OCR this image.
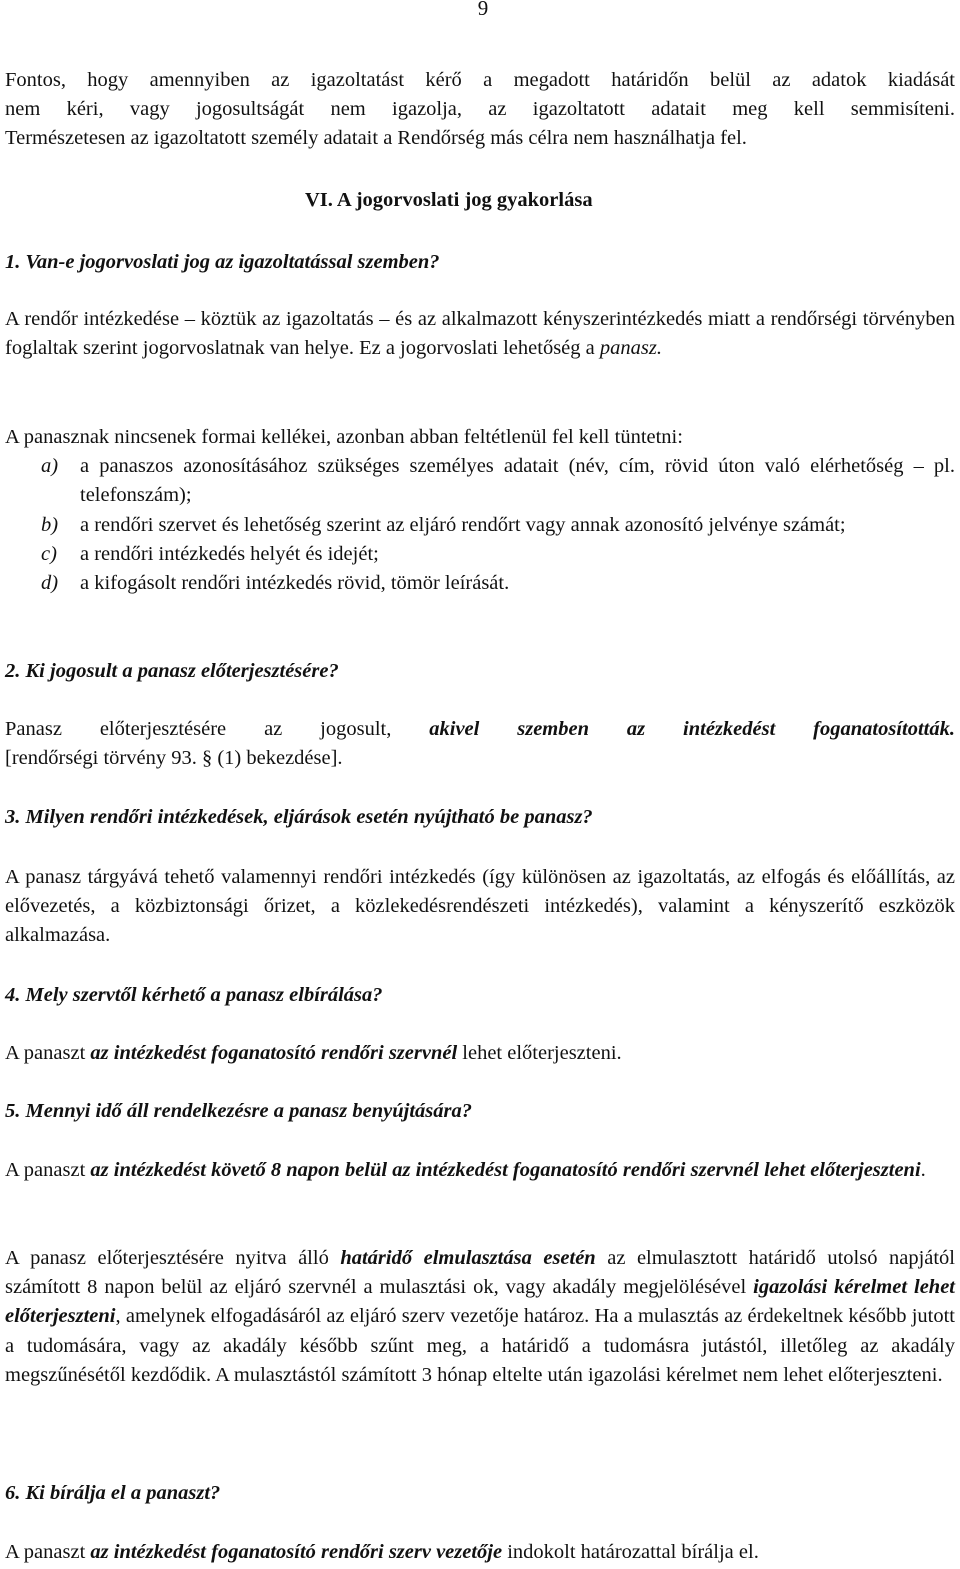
9
Fontos, hogy amennyiben az igazoltatást kérő a megadott határidőn belül az adatok kiadását
nem kéri, vagy jogosultságát nem igazolja, az igazoltatott adatait meg kell semmisíteni.
Természetesen az igazoltatott személy adatait a Rendőrség más célra nem használhatja fel.
VI. A jogorvoslati jog gyakorlása
1. Van-e jogorvoslati jog az igazoltatással szemben?
A rendőr intézkedése – köztük az igazoltatás – és az alkalmazott kényszerintézkedés miatt a rendőrségi törvényben foglaltak szerint jogorvoslatnak van helye. Ez a jogorvoslati lehetőség a panasz.
A panasznak nincsenek formai kellékei, azonban abban feltétlenül fel kell tüntetni:
a) a panaszos azonosításához szükséges személyes adatait (név, cím, rövid úton való elérhetőség – pl. telefonszám);
b) a rendőri szervet és lehetőség szerint az eljáró rendőrt vagy annak azonosító jelvénye számát;
c) a rendőri intézkedés helyét és idejét;
d) a kifogásolt rendőri intézkedés rövid, tömör leírását.
2. Ki jogosult a panasz előterjesztésére?
Panasz előterjesztésére az jogosult, akivel szemben az intézkedést foganatosították.
[rendőrségi törvény 93. § (1) bekezdése].
3. Milyen rendőri intézkedések, eljárások esetén nyújtható be panasz?
A panasz tárgyává tehető valamennyi rendőri intézkedés (így különösen az igazoltatás, az elfogás és előállítás, az elővezetés, a közbiztonsági őrizet, a közlekedésrendészeti intézkedés), valamint a kényszerítő eszközök alkalmazása.
4. Mely szervtől kérhető a panasz elbírálása?
A panaszt az intézkedést foganatosító rendőri szervnél lehet előterjeszteni.
5. Mennyi idő áll rendelkezésre a panasz benyújtására?
A panaszt az intézkedést követő 8 napon belül az intézkedést foganatosító rendőri szervnél lehet előterjeszteni.
A panasz előterjesztésére nyitva álló határidő elmulasztása esetén az elmulasztott határidő utolsó napjától számított 8 napon belül az eljáró szervnél a mulasztási ok, vagy akadály megjelölésével igazolási kérelmet lehet előterjeszteni, amelynek elfogadásáról az eljáró szerv vezetője határoz. Ha a mulasztás az érdekeltnek később jutott a tudomására, vagy az akadály később szűnt meg, a határidő a tudomásra jutástól, illetőleg az akadály megszűnésétől kezdődik. A mulasztástól számított 3 hónap eltelte után igazolási kérelmet nem lehet előterjeszteni.
6. Ki bírálja el a panaszt?
A panaszt az intézkedést foganatosító rendőri szerv vezetője indokolt határozattal bírálja el.
